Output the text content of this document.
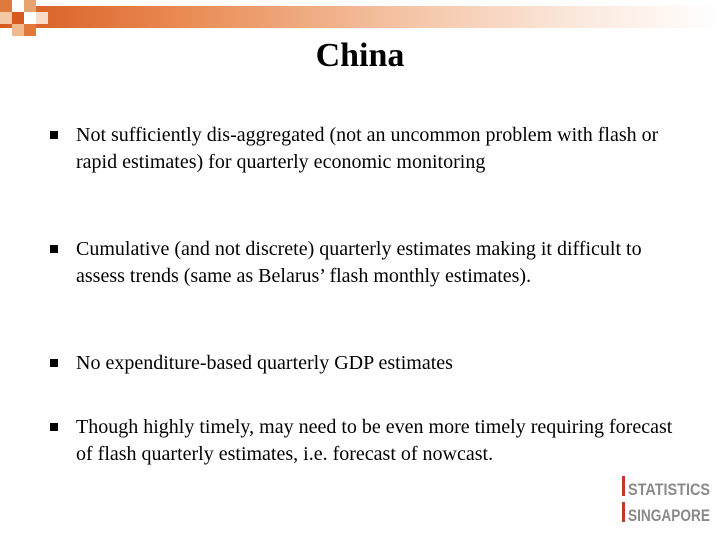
China
Not sufficiently dis-aggregated (not an uncommon problem with flash or rapid estimates) for quarterly economic monitoring
Cumulative (and not discrete) quarterly estimates making it difficult to assess trends (same as Belarus’ flash monthly estimates).
No expenditure-based quarterly GDP estimates
Though highly timely, may need to be even more timely requiring forecast of flash quarterly estimates, i.e. forecast of nowcast.
STATISTICS
SINGAPORE
